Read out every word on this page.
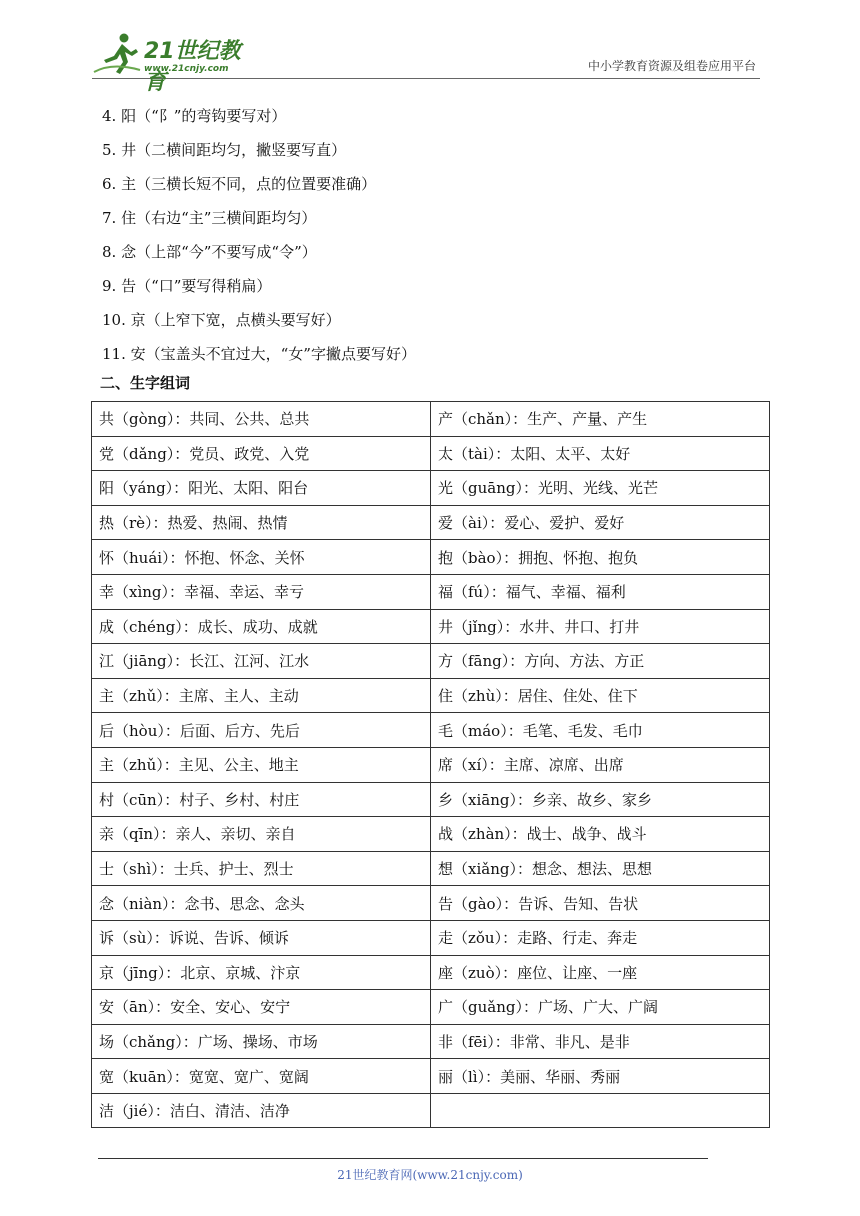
21世纪教育
www.21cnjy.com	中小学教育资源及组卷应用平台
4. 阳（“阝”的弯钩要写对）
5. 井（二横间距均匀，撇竖要写直）
6. 主（三横长短不同，点的位置要准确）
7. 住（右边“主”三横间距均匀）
8. 念（上部“今”不要写成“令”）
9. 告（“口”要写得稍扁）
10. 京（上窄下宽，点横头要写好）
11. 安（宝盖头不宜过大，“女”字撇点要写好）
二、生字组词
共（gòng）：共同、公共、总共	产（chǎn）：生产、产量、产生
党（dǎng）：党员、政党、入党	太（tài）：太阳、太平、太好
阳（yáng）：阳光、太阳、阳台	光（guāng）：光明、光线、光芒
热（rè）：热爱、热闹、热情	爱（ài）：爱心、爱护、爱好
怀（huái）：怀抱、怀念、关怀	抱（bào）：拥抱、怀抱、抱负
幸（xìng）：幸福、幸运、幸亏	福（fú）：福气、幸福、福利
成（chéng）：成长、成功、成就	井（jǐng）：水井、井口、打井
江（jiāng）：长江、江河、江水	方（fāng）：方向、方法、方正
主（zhǔ）：主席、主人、主动	住（zhù）：居住、住处、住下
后（hòu）：后面、后方、先后	毛（máo）：毛笔、毛发、毛巾
主（zhǔ）：主见、公主、地主	席（xí）：主席、凉席、出席
村（cūn）：村子、乡村、村庄	乡（xiāng）：乡亲、故乡、家乡
亲（qīn）：亲人、亲切、亲自	战（zhàn）：战士、战争、战斗
士（shì）：士兵、护士、烈士	想（xiǎng）：想念、想法、思想
念（niàn）：念书、思念、念头	告（gào）：告诉、告知、告状
诉（sù）：诉说、告诉、倾诉	走（zǒu）：走路、行走、奔走
京（jīng）：北京、京城、汴京	座（zuò）：座位、让座、一座
安（ān）：安全、安心、安宁	广（guǎng）：广场、广大、广阔
场（chǎng）：广场、操场、市场	非（fēi）：非常、非凡、是非
宽（kuān）：宽宽、宽广、宽阔	丽（lì）：美丽、华丽、秀丽
洁（jié）：洁白、清洁、洁净	
21世纪教育网(www.21cnjy.com)
